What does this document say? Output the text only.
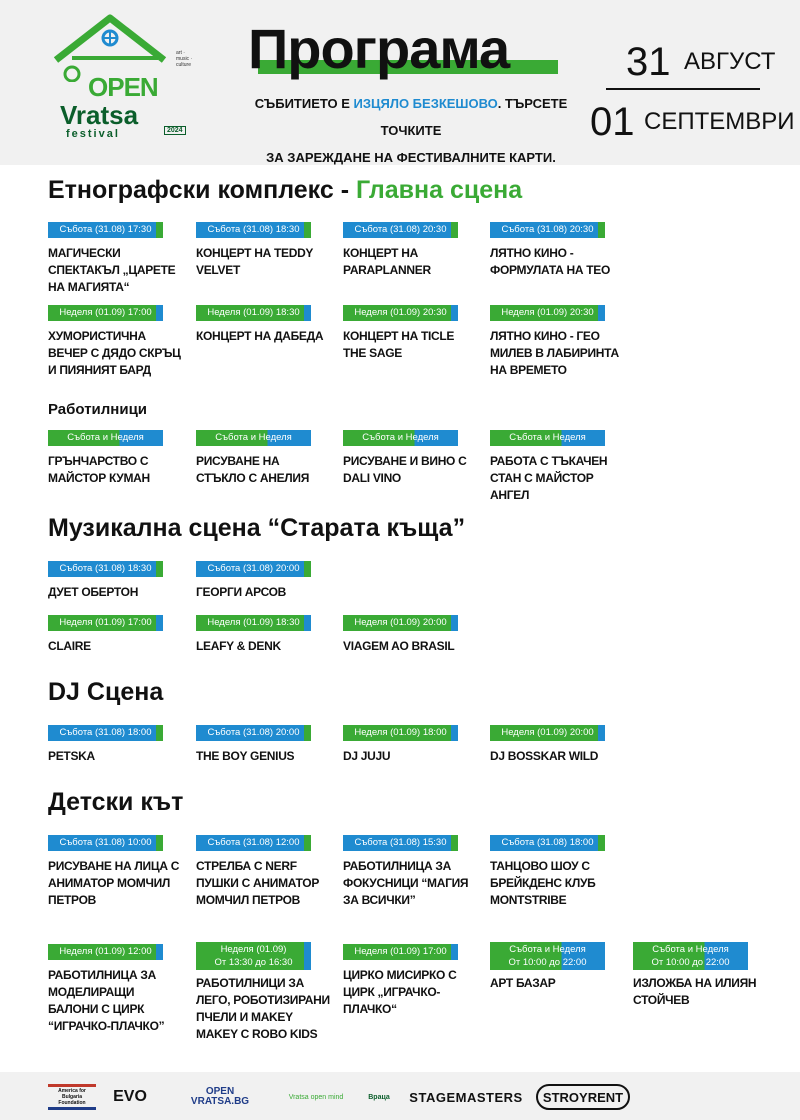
art · music · culture
OPEN
Vratsa
festival	2024
Програма
СЪБИТИЕТО Е ИЗЦЯЛО БЕЗКЕШОВО. ТЪРСЕТЕ ТОЧКИТЕ
ЗА ЗАРЕЖДАНЕ НА ФЕСТИВАЛНИТЕ КАРТИ.
31 АВГУСТ
01 СЕПТЕМВРИ
Етнографски комплекс - Главна сцена
Работилници
Музикална сцена “Старата къща”
DJ Сцена
Детски кът
Събота (31.08) 17:30
МАГИЧЕСКИ СПЕКТАКЪЛ „ЦАРЕТЕ НА МАГИЯТА“
Събота (31.08) 18:30
КОНЦЕРТ НА TEDDY VELVET
Събота (31.08) 20:30
КОНЦЕРТ НА PARAPLANNER
Събота (31.08) 20:30
ЛЯТНО КИНО - ФОРМУЛАТА НА ТЕО
Неделя (01.09) 17:00
ХУМОРИСТИЧНА ВЕЧЕР С ДЯДО СКРЪЦ И ПИЯНИЯТ БАРД
Неделя (01.09) 18:30
КОНЦЕРТ НА ДАБЕДА
Неделя (01.09) 20:30
КОНЦЕРТ НА TICLE THE SAGE
Неделя (01.09) 20:30
ЛЯТНО КИНО - ГЕО МИЛЕВ В ЛАБИРИНТА НА ВРЕМЕТО
Събота и Неделя
ГРЪНЧАРСТВО С МАЙСТОР КУМАН
Събота и Неделя
РИСУВАНЕ НА СТЪКЛО С АНЕЛИЯ
Събота и Неделя
РИСУВАНЕ И ВИНО С DALI VINO
Събота и Неделя
РАБОТА С ТЪКАЧЕН СТАН С МАЙСТОР АНГЕЛ
Събота (31.08) 18:30
ДУЕТ ОБЕРТОН
Събота (31.08) 20:00
ГЕОРГИ АРСОВ
Неделя (01.09) 17:00
CLAIRE
Неделя (01.09) 18:30
LEAFY & DENK
Неделя (01.09) 20:00
VIAGEM AO BRASIL
Събота (31.08) 18:00
PETSKA
Събота (31.08) 20:00
THE BOY GENIUS
Неделя (01.09) 18:00
DJ JUJU
Неделя (01.09) 20:00
DJ BOSSKAR WILD
Събота (31.08) 10:00
РИСУВАНЕ НА ЛИЦА С АНИМАТОР МОМЧИЛ ПЕТРОВ
Събота (31.08) 12:00
СТРЕЛБА С NERF ПУШКИ С АНИМАТОР МОМЧИЛ ПЕТРОВ
Събота (31.08) 15:30
РАБОТИЛНИЦА ЗА ФОКУСНИЦИ “МАГИЯ ЗА ВСИЧКИ”
Събота (31.08) 18:00
ТАНЦОВО ШОУ С БРЕЙКДЕНС КЛУБ MONTSTRIBE
Неделя (01.09) 12:00
РАБОТИЛНИЦА ЗА МОДЕЛИРАЩИ БАЛОНИ С ЦИРК “ИГРАЧКО-ПЛАЧКО”
Неделя (01.09)
От 13:30 до 16:30
РАБОТИЛНИЦИ ЗА ЛЕГО, РОБОТИЗИРАНИ ПЧЕЛИ И MAKEY MAKEY С ROBO KIDS
Неделя (01.09) 17:00
ЦИРКО МИСИРКО С ЦИРК „ИГРАЧКО-ПЛАЧКО“
Събота и Неделя
От 10:00 до 22:00
АРТ БАЗАР
Събота и Неделя
От 10:00 до 22:00
ИЗЛОЖБА НА ИЛИЯН СТОЙЧЕВ
America for Bulgaria Foundation	EVO	OPEN VRATSA.BG	Vratsa open mind	Враца	STAGEMASTERS	STROYRENT
